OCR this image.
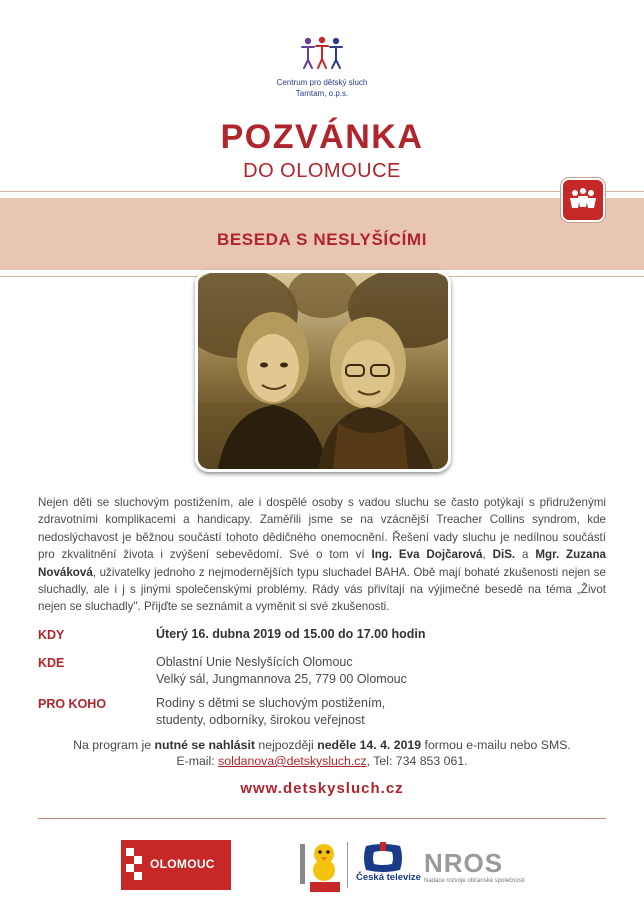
Centrum pro dětský sluch
Tamtam, o.p.s.
POZVÁNKA
DO OLOMOUCE
BESEDA S NESLYŠÍCÍMI
Nejen děti se sluchovým postižením, ale i dospělé osoby s vadou sluchu se často potýkají s přidruženými zdravotními komplikacemi a handicapy. Zaměřili jsme se na vzácnější Treacher Collins syndrom, kde nedoslýchavost je běžnou součástí tohoto dědičného onemocnění. Řešení vady sluchu je nedílnou součástí pro zkvalitnění života i zvýšení sebevědomí. Své o tom ví Ing. Eva Dojčarová, DiS. a Mgr. Zuzana Nováková, uživatelky jednoho z nejmodernějších typu sluchadel BAHA. Obě mají bohaté zkušenosti nejen se sluchadly, ale i j s jinými společenskými problémy. Rády vás přivítají na výjimečné besedě na téma „Život nejen se sluchadly". Přijďte se seznámit a vyměnit si své zkušenosti.
KDY	Úterý 16. dubna 2019 od 15.00 do 17.00 hodin
KDE	Oblastní Unie Neslyšících Olomouc
Velký sál, Jungmannova 25, 779 00 Olomouc
PRO KOHO	Rodiny s dětmi se sluchovým postižením,
studenty, odborníky, širokou veřejnost
Na program je nutné se nahlásit nejpozději neděle 14. 4. 2019 formou e-mailu nebo SMS.
E-mail: soldanova@detskysluch.cz, Tel: 734 853 061.
www.detskysluch.cz
OLOMOUC
Česká televize NROS
Nadace rozvoje občanské společnosti
